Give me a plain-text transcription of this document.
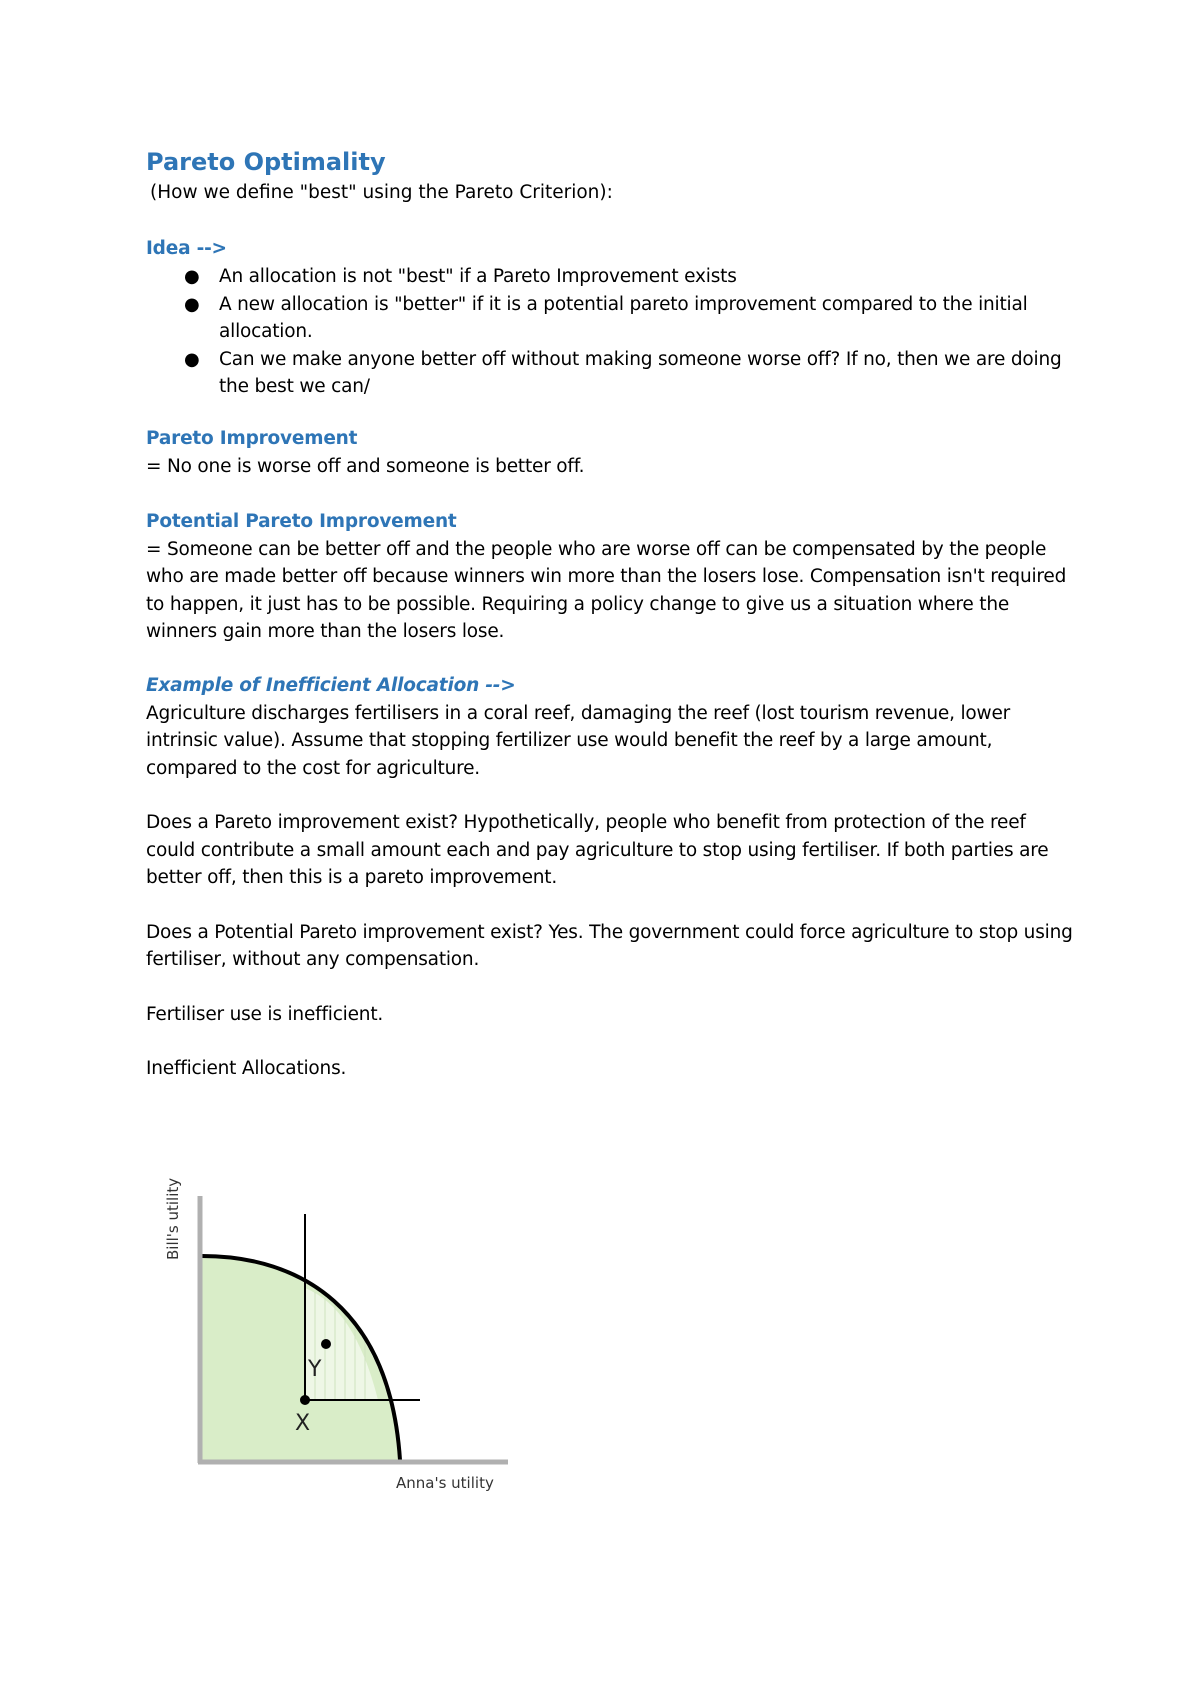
Pareto Optimality
(How we define "best" using the Pareto Criterion):
Idea -->
● An allocation is not "best" if a Pareto Improvement exists
● A new allocation is "better" if it is a potential pareto improvement compared to the initial allocation.
● Can we make anyone better off without making someone worse off? If no, then we are doing the best we can/

Pareto Improvement

= No one is worse off and someone is better off.

Potential Pareto Improvement

= Someone can be better off and the people who are worse off can be compensated by the people who are made better off because winners win more than the losers lose. Compensation isn't required to happen, it just has to be possible. Requiring a policy change to give us a situation where the winners gain more than the losers lose.

Example of Inefficient Allocation -->

Agriculture discharges fertilisers in a coral reef, damaging the reef (lost tourism revenue, lower intrinsic value). Assume that stopping fertilizer use would benefit the reef by a large amount, compared to the cost for agriculture.

Does a Pareto improvement exist? Hypothetically, people who benefit from protection of the reef could contribute a small amount each and pay agriculture to stop using fertiliser. If both parties are better off, then this is a pareto improvement.

Does a Potential Pareto improvement exist? Yes. The government could force agriculture to stop using fertiliser, without any compensation.

Fertiliser use is inefficient.

Inefficient Allocations.

X
Y
Bill's utility
Anna's utility
